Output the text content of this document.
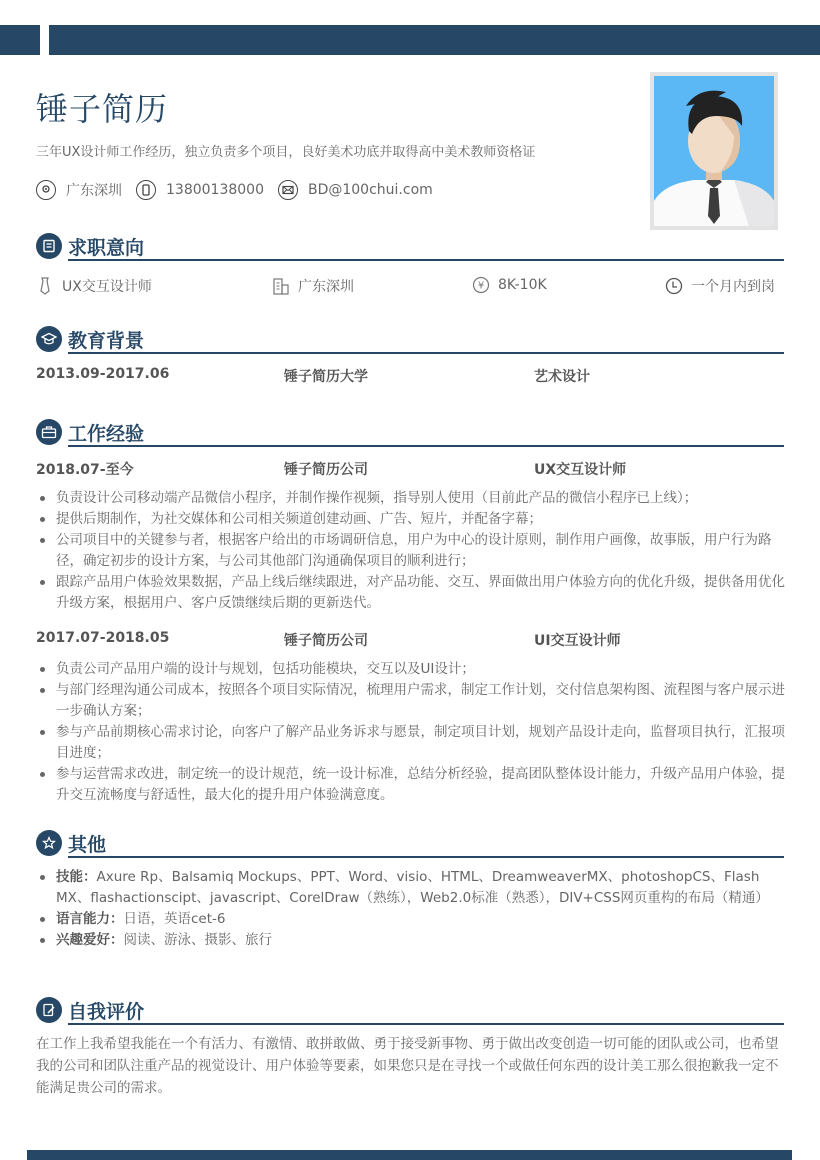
锤子简历
三年UX设计师工作经历，独立负责多个项目，良好美术功底并取得高中美术教师资格证
广东深圳	13800138000	BD@100chui.com
求职意向
UX交互设计师	广东深圳	¥ 8K-10K	一个月内到岗
教育背景
2013.09-2017.06	锤子简历大学	艺术设计
工作经验
2018.07-至今	锤子简历公司	UX交互设计师
负责设计公司移动端产品微信小程序，并制作操作视频，指导别人使用（目前此产品的微信小程序已上线）；
提供后期制作，为社交媒体和公司相关频道创建动画、广告、短片，并配备字幕；
公司项目中的关键参与者，根据客户给出的市场调研信息，用户为中心的设计原则，制作用户画像，故事版，用户行为路径，确定初步的设计方案，与公司其他部门沟通确保项目的顺利进行；
跟踪产品用户体验效果数据，产品上线后继续跟进，对产品功能、交互、界面做出用户体验方向的优化升级，提供备用优化升级方案，根据用户、客户反馈继续后期的更新迭代。
2017.07-2018.05	锤子简历公司	UI交互设计师
负责公司产品用户端的设计与规划，包括功能模块，交互以及UI设计；
与部门经理沟通公司成本，按照各个项目实际情况，梳理用户需求，制定工作计划，交付信息架构图、流程图与客户展示进一步确认方案；
参与产品前期核心需求讨论，向客户了解产品业务诉求与愿景，制定项目计划，规划产品设计走向，监督项目执行，汇报项目进度；
参与运营需求改进，制定统一的设计规范，统一设计标准，总结分析经验，提高团队整体设计能力，升级产品用户体验，提升交互流畅度与舒适性，最大化的提升用户体验满意度。
其他
技能：Axure Rp、Balsamiq Mockups、PPT、Word、visio、HTML、DreamweaverMX、photoshopCS、Flash MX、flashactionscipt、javascript、CorelDraw（熟练），Web2.0标准（熟悉），DIV+CSS网页重构的布局（精通）
语言能力：日语，英语cet-6
兴趣爱好：阅读、游泳、摄影、旅行
自我评价
在工作上我希望我能在一个有活力、有激情、敢拼敢做、勇于接受新事物、勇于做出改变创造一切可能的团队或公司，也希望我的公司和团队注重产品的视觉设计、用户体验等要素，如果您只是在寻找一个或做任何东西的设计美工那么很抱歉我一定不能满足贵公司的需求。
